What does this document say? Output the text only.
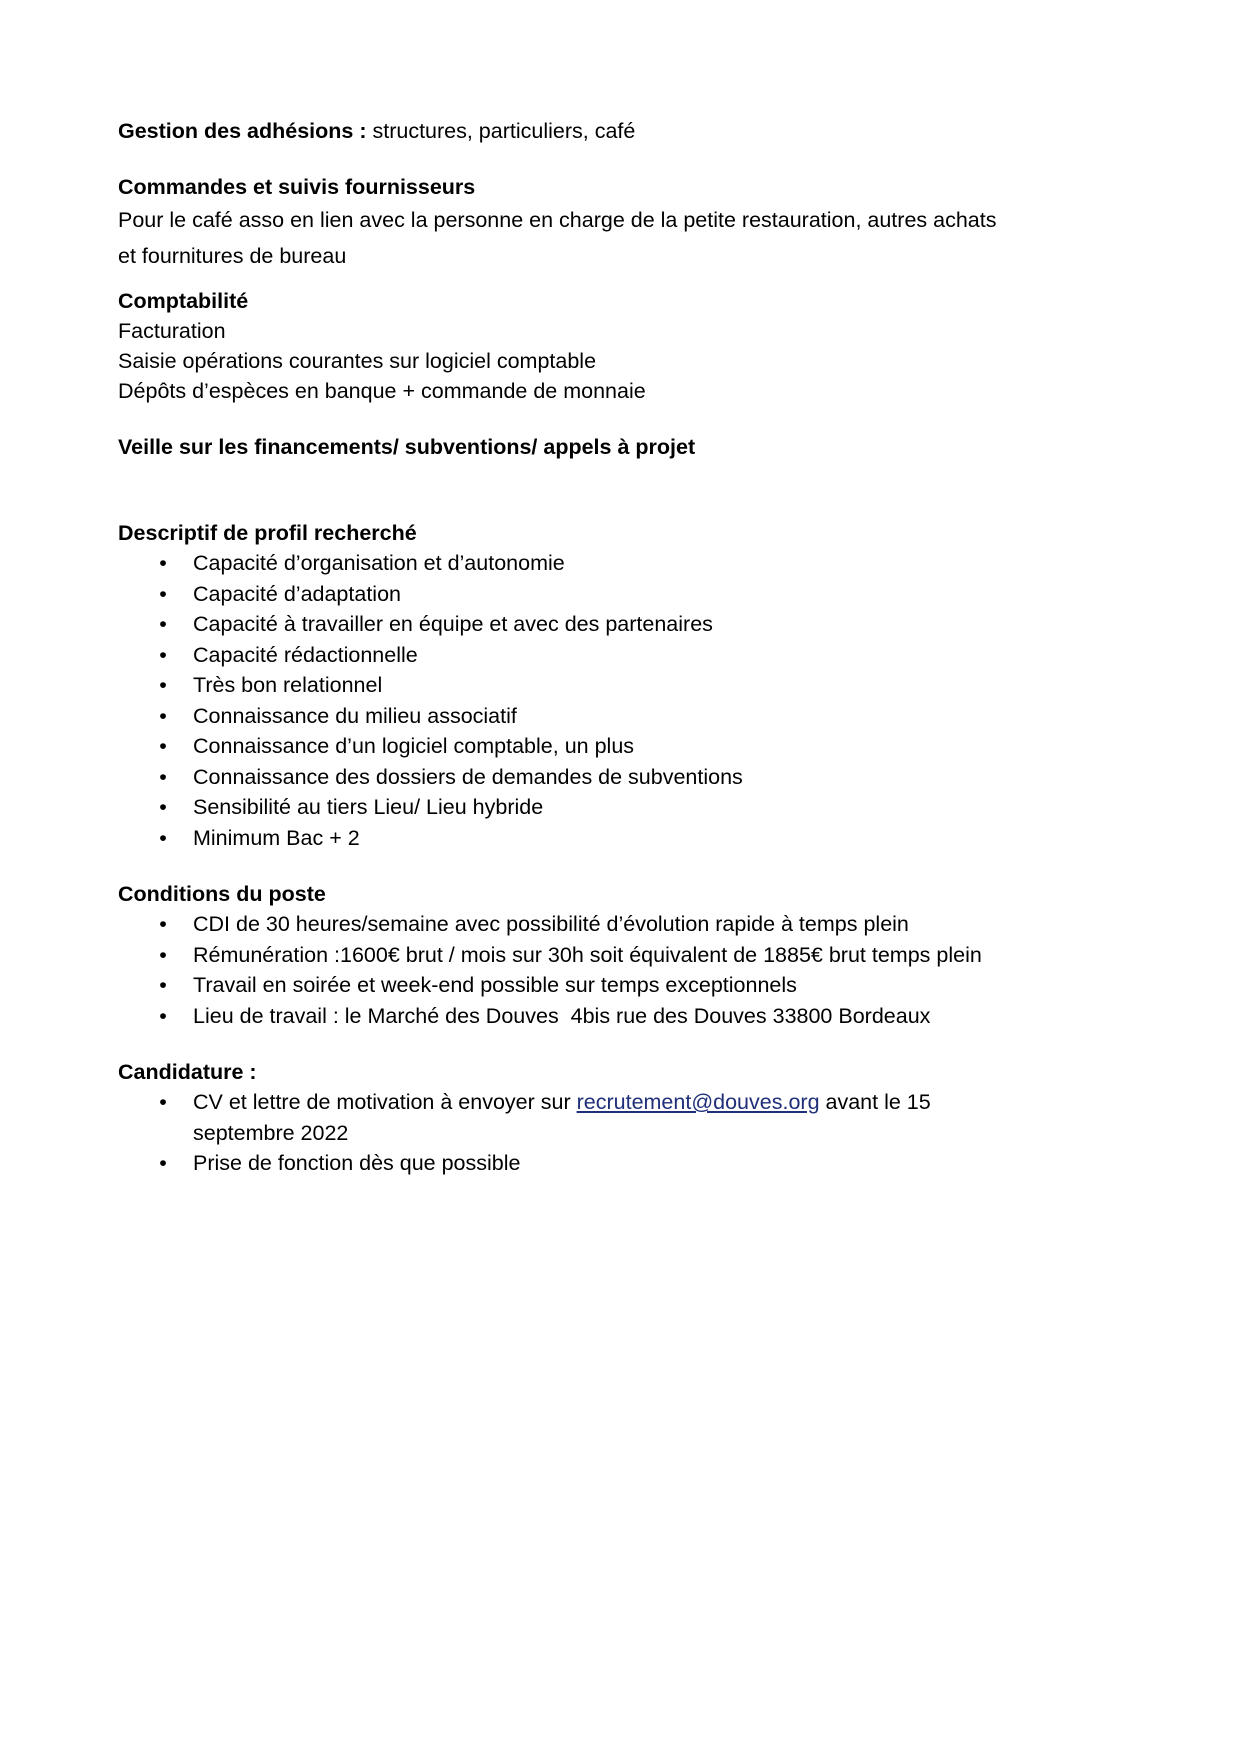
Gestion des adhésions : structures, particuliers, café
Commandes et suivis fournisseurs
Pour le café asso en lien avec la personne en charge de la petite restauration, autres achats et fournitures de bureau
Comptabilité
Facturation
Saisie opérations courantes sur logiciel comptable
Dépôts d’espèces en banque + commande de monnaie
Veille sur les financements/ subventions/ appels à projet
Descriptif de profil recherché
• Capacité d’organisation et d’autonomie
• Capacité d’adaptation
• Capacité à travailler en équipe et avec des partenaires
• Capacité rédactionnelle
• Très bon relationnel
• Connaissance du milieu associatif
• Connaissance d’un logiciel comptable, un plus
• Connaissance des dossiers de demandes de subventions
• Sensibilité au tiers Lieu/ Lieu hybride
• Minimum Bac + 2
Conditions du poste
• CDI de 30 heures/semaine avec possibilité d’évolution rapide à temps plein
• Rémunération :1600€ brut / mois sur 30h soit équivalent de 1885€ brut temps plein
• Travail en soirée et week-end possible sur temps exceptionnels
• Lieu de travail : le Marché des Douves  4bis rue des Douves 33800 Bordeaux
Candidature :
• CV et lettre de motivation à envoyer sur recrutement@douves.org avant le 15 septembre 2022
• Prise de fonction dès que possible
